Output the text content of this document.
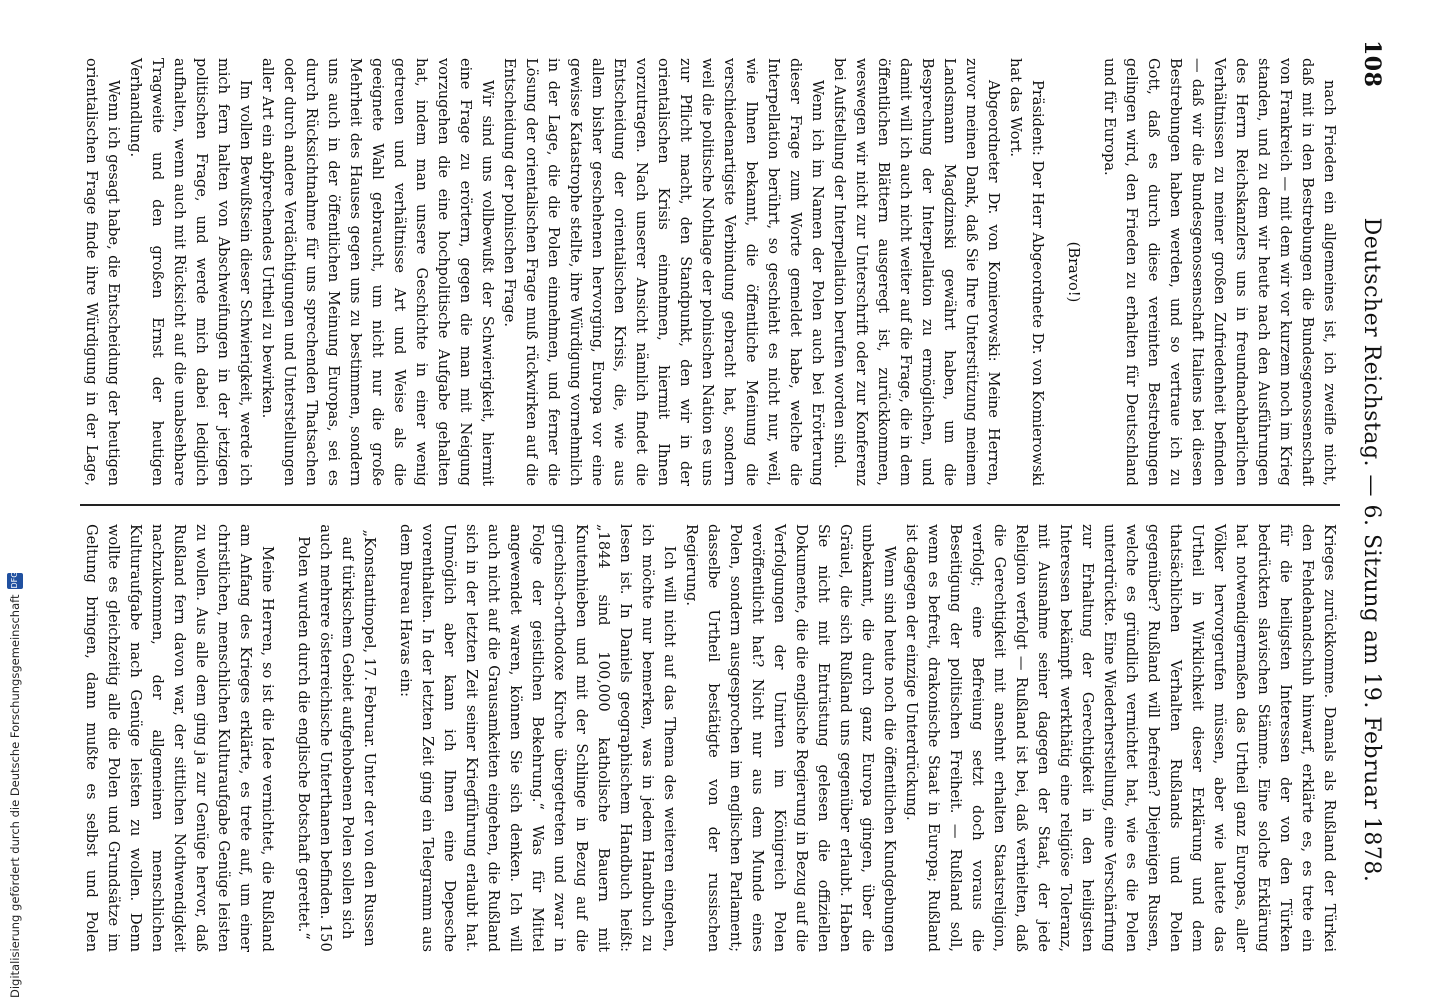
108
Deutscher Reichstag. — 6. Sitzung am 19. Februar 1878.

nach Frieden ein allgemeines ist, ich zweifle nicht, daß mit in den Bestrebungen die Bundesgenossenschaft von Frankreich — mit dem wir vor kurzem noch im Krieg standen, und zu dem wir heute nach den Ausführungen des Herrn Reichskanzlers uns in freundnachbarlichen Verhältnissen zu meiner großen Zufriedenheit befinden — daß wir die Bundesgenossenschaft Italiens bei diesen Bestrebungen haben werden, und so vertraue ich zu Gott, daß es durch diese vereinten Bestrebungen gelingen wird, den Frieden zu erhalten für Deutschland und für Europa.

(Bravo!)

Präsident: Der Herr Abgeordnete Dr. von Komierowski hat das Wort.

Abgeordneter Dr. von Komierowski: Meine Herren, zuvor meinen Dank, daß Sie Ihre Unterstützung meinem Landsmann Magdzinski gewährt haben, um die Besprechung der Interpellation zu ermöglichen, und damit will ich auch nicht weiter auf die Frage, die in dem öffentlichen Blättern ausgeregt ist, zurückkommen, weswegen wir nicht zur Unterschrift oder zur Konferenz bei Aufstellung der Interpellation berufen worden sind.

Wenn ich im Namen der Polen auch bei Erörterung dieser Frage zum Worte gemeldet habe, welche die Interpellation berührt, so geschieht es nicht nur, weil, wie Ihnen bekannt, die öffentliche Meinung die verschiedenartigste Verbindung gebracht hat, sondern weil die politische Nothlage der polnischen Nation es uns zur Pflicht macht, den Standpunkt, den wir in der orientalischen Krisis einnehmen, hiermit Ihnen vorzutragen. Nach unserer Ansicht nämlich findet die Entscheidung der orientalischen Krisis, die, wie aus allem bisher geschehenen hervorging, Europa vor eine gewisse Katastrophe stellte, ihre Würdigung vornehmlich in der Lage, die die Polen einnehmen, und ferner die Lösung der orientalischen Frage muß rückwirken auf die Entscheidung der polnischen Frage.

Wir sind uns vollbewußt der Schwierigkeit, hiermit eine Frage zu erörtern, gegen die man mit Neigung vorzugehen die eine hochpolitische Aufgabe gehalten hat, indem man unsere Geschichte in einer wenig getreuen und verhältnisse Art und Weise als die geeignete Wahl gebraucht, um nicht nur die große Mehrheit des Hauses gegen uns zu bestimmen, sondern uns auch in der öffentlichen Meinung Europas, sei es durch Rücksichtnahme für uns sprechenden Thatsachen oder durch andere Verdächtigungen und Unterstellungen aller Art ein abfprechendes Urtheil zu bewirken.

Im vollen Bewußtsein dieser Schwierigkeit, werde ich mich fern halten von Abschweifungen in der jetzigen politischen Frage, und werde mich dabei lediglich aufhalten, wenn auch mit Rücksicht auf die unabsehbare Tragweite und den großen Ernst der heutigen Verhandlung.

Wenn ich gesagt habe, die Entscheidung der heutigen orientalischen Frage finde ihre Würdigung in der Lage,

Krieges zurückkomme. Damals als Rußland der Türkei den Fehdehandschuh hinwarf, erklärte es, es trete ein für die heiligsten Interessen der von den Türken bedrückten slavischen Stämme. Eine solche Erklärung hat notwendigermaßen das Urtheil ganz Europas, aller Völker hervorgerufen müssen, aber wie lautete das Urtheil in Wirklichkeit dieser Erklärung und dem thatsächlichen Verhalten Rußlands und Polen gegenüber? Rußland will befreien? Diejenigen Russen, welche es gründlich vernichtet hat, wie es die Polen unterdrückte. Eine Wiederherstellung, eine Verschärfung zur Erhaltung der Gerechtigkeit in den heiligsten Interessen bekämpft werkthätig eine religiöse Toleranz, mit Ausnahme seiner dagegen der Staat, der jede Religion verfolgt — Rußland ist bei, daß verhielten, daß die Gerechtigkeit mit ansehnt erhalten Staatsreligion, verfolgt; eine Befreiung setzt doch voraus die Beseitigung der politischen Freiheit. — Rußland soll, wenn es befreit, drakonische Staat in Europa; Rußland ist dagegen der einzige Unterdrückung.

Wenn sind heute noch die öffentlichen Kundgebungen unbekannt, die durch ganz Europa gingen, über die Gräuel, die sich Rußland uns gegenüber erlaubt. Haben Sie nicht mit Entrüstung gelesen die offiziellen Dokumente, die die englische Regierung in Bezug auf die Verfolgungen der Unirten im Königreich Polen veröffentlicht hat? Nicht nur aus dem Munde eines Polen, sondern ausgesprochen im englischen Parlament; dasselbe Urtheil bestätigte von der russischen Regierung.

Ich will nicht auf das Thema des weiteren eingehen, ich möchte nur bemerken, was in jedem Handbuch zu lesen ist. In Daniels geographischem Handbuch heißt: „1844 sind 100,000 katholische Bauern mit Knutenhieben und mit der Schlinge in Bezug auf die griechisch-orthodoxe Kirche übergetreten und zwar in Folge der geistlichen Bekehrung.“ Was für Mittel angewendet waren, können Sie sich denken. Ich will auch nicht auf die Grausamkeiten eingehen, die Rußland sich in der letzten Zeit seiner Kriegführung erlaubt hat. Unmöglich aber kann ich Ihnen eine Depesche vorenthalten. In der letzten Zeit ging ein Telegramm aus dem Bureau Havas ein:

„Konstantinopel, 17. Februar. Unter der von den Russen auf türkischem Gebiet aufgehobenen Polen sollen sich auch mehrere österreichische Unterthanen befinden. 150 Polen wurden durch die englische Botschaft gerettet.“

Meine Herren, so ist die Idee vernichtet, die Rußland am Anfang des Krieges erklärte, es trete auf, um einer christlichen, menschlichen Kulturaufgabe Genüge leisten zu wollen. Aus alle dem ging ja zur Genüge hervor, daß Rußland fern davon war, der sittlichen Nothwendigkeit nachzukommen, der allgemeinen menschlichen Kulturaufgabe nach Genüge leisten zu wollen. Denn wollte es gleichzeitig alle die Polen und Grundsätze im Geltung bringen, dann mußte es selbst und Polen

Digitalisierung gefördert durch die Deutsche Forschungsgemeinschaft
DFG
